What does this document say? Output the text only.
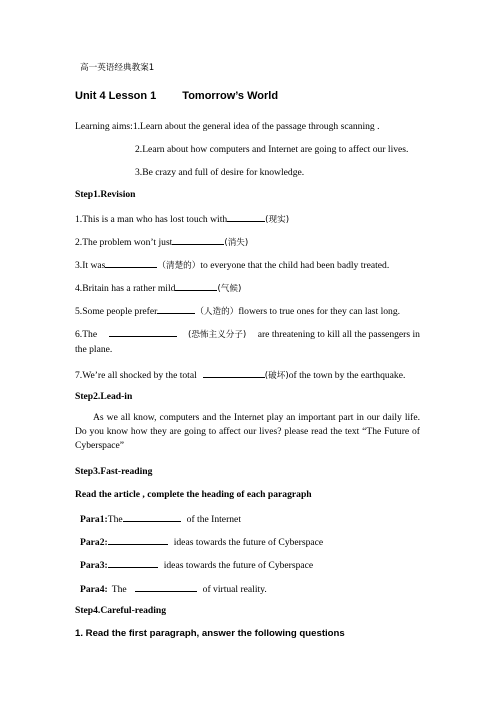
高一英语经典教案1
Unit 4 Lesson 1 Tomorrow’s World
Learning aims:1.Learn about the general idea of the passage through scanning .
2.Learn about how computers and Internet are going to affect our lives.
3.Be crazy and full of desire for knowledge.
Step1.Revision
1.This is a man who has lost touch with	(现实)
2.The problem won’t just	(消失)
3.It was	（清楚的）to everyone that the child had been badly treated.
4.Britain has a rather mild	(气候)
5.Some people prefer	（人造的）flowers to true ones for they can last long.
6.The	(恐怖主义分子) are threatening to kill all the passengers in
the plane.
7.We’re all shocked by the total	(破坏)of the town by the earthquake.
Step2.Lead-in
As we all know, computers and the Internet play an important part in our daily life. Do you know how they are going to affect our lives? please read the text “The Future of Cyberspace”
Step3.Fast-reading
Read the article , complete the heading of each paragraph
Para1:The	of the Internet
Para2:	ideas towards the future of Cyberspace
Para3:	ideas towards the future of Cyberspace
Para4: The	of virtual reality.
Step4.Careful-reading
1. Read the first paragraph, answer the following questions
